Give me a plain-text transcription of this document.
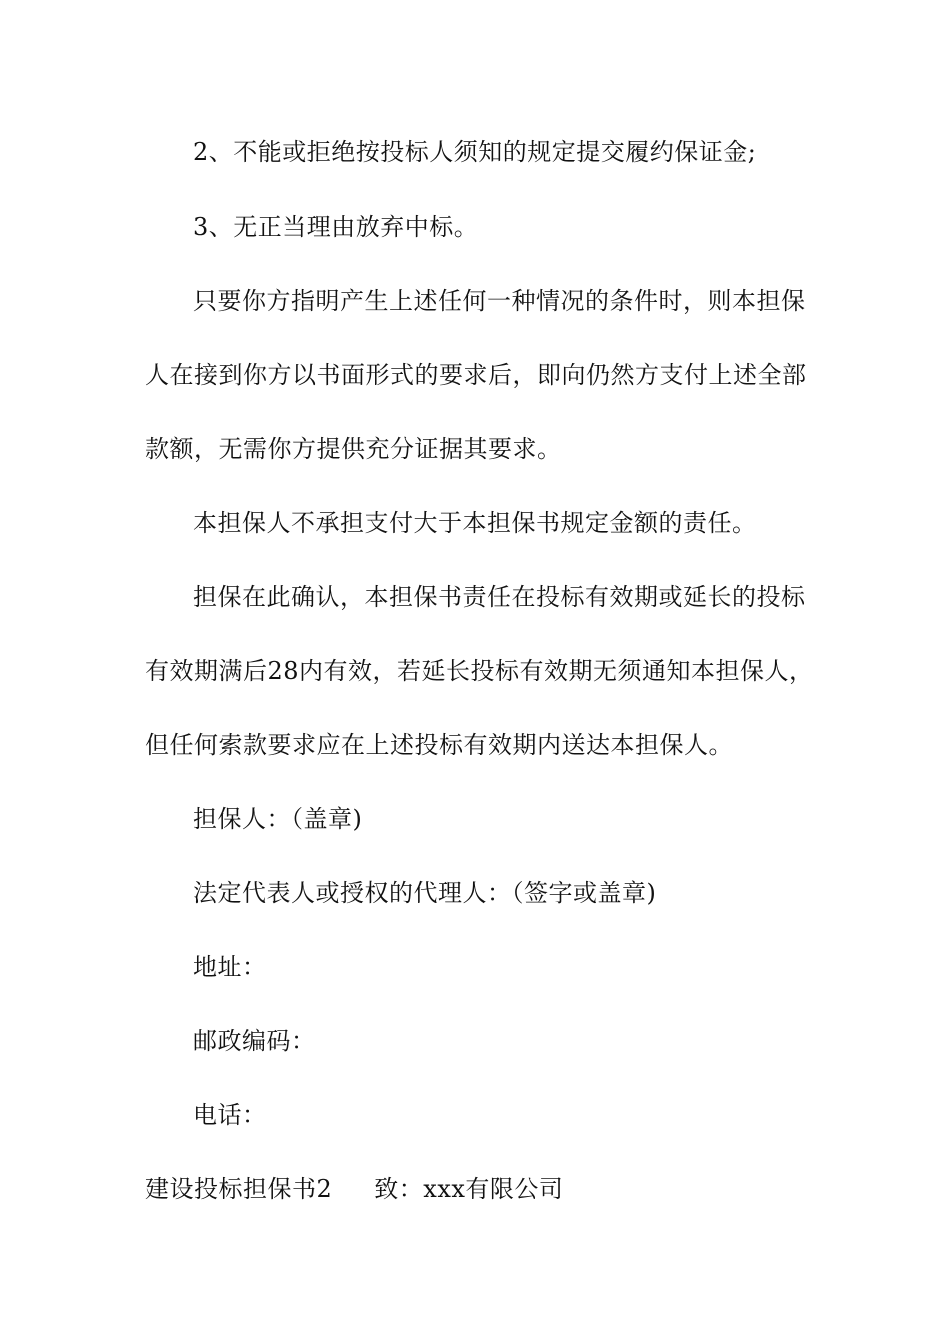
2、不能或拒绝按投标人须知的规定提交履约保证金;
3、无正当理由放弃中标。
只要你方指明产生上述任何一种情况的条件时，则本担保
人在接到你方以书面形式的要求后，即向仍然方支付上述全部
款额，无需你方提供充分证据其要求。
本担保人不承担支付大于本担保书规定金额的责任。
担保在此确认，本担保书责任在投标有效期或延长的投标
有效期满后28内有效，若延长投标有效期无须通知本担保人，
但任何索款要求应在上述投标有效期内送达本担保人。
担保人：（盖章)
法定代表人或授权的代理人：（签字或盖章)
地址：
邮政编码：
电话：
建设投标担保书2 致：xxx有限公司
